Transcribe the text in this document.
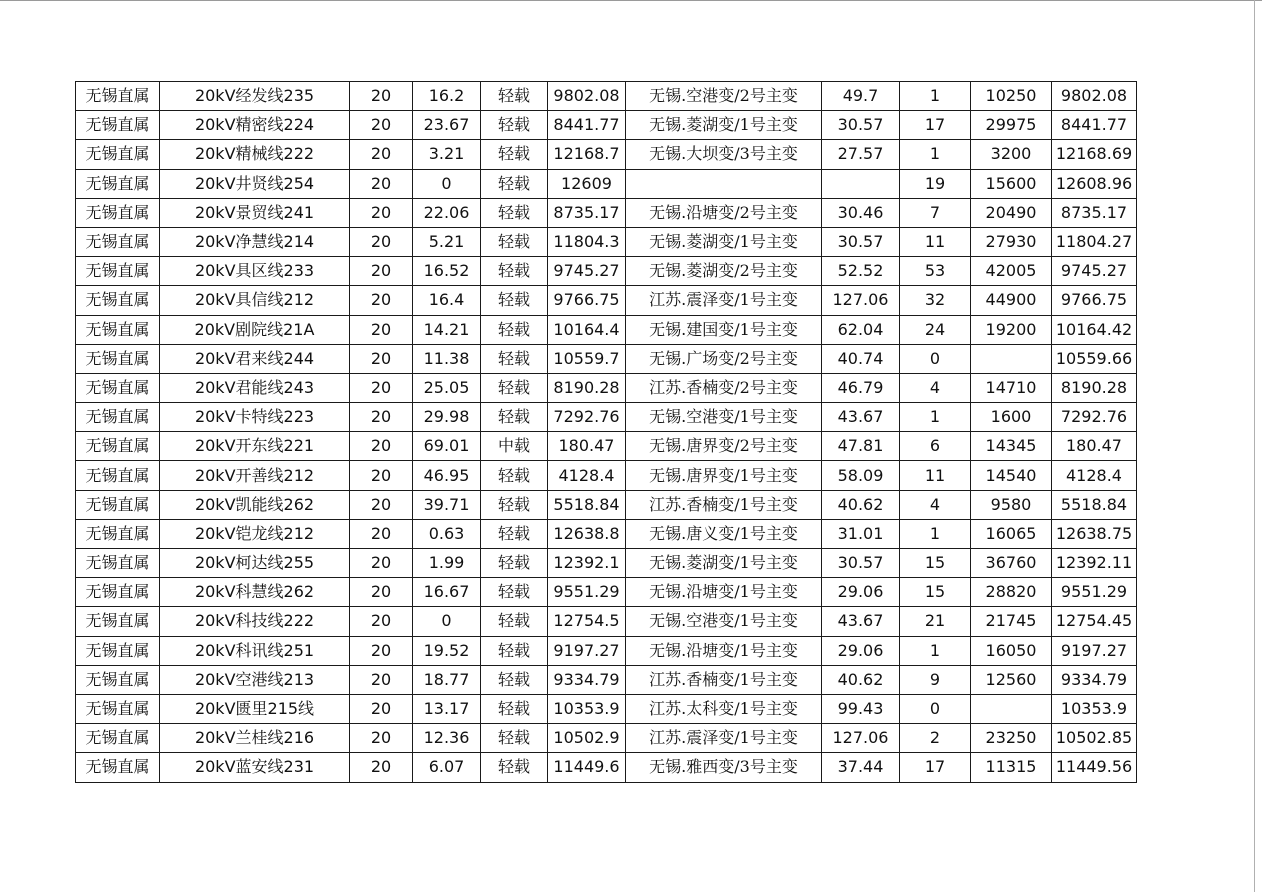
无锡直属	20kV经发线235	20	16.2	轻载	9802.08	无锡.空港变/2号主变	49.7	1	10250	9802.08
无锡直属	20kV精密线224	20	23.67	轻载	8441.77	无锡.菱湖变/1号主变	30.57	17	29975	8441.77
无锡直属	20kV精械线222	20	3.21	轻载	12168.7	无锡.大坝变/3号主变	27.57	1	3200	12168.69
无锡直属	20kV井贤线254	20	0	轻载	12609			19	15600	12608.96
无锡直属	20kV景贸线241	20	22.06	轻载	8735.17	无锡.沿塘变/2号主变	30.46	7	20490	8735.17
无锡直属	20kV净慧线214	20	5.21	轻载	11804.3	无锡.菱湖变/1号主变	30.57	11	27930	11804.27
无锡直属	20kV具区线233	20	16.52	轻载	9745.27	无锡.菱湖变/2号主变	52.52	53	42005	9745.27
无锡直属	20kV具信线212	20	16.4	轻载	9766.75	江苏.震泽变/1号主变	127.06	32	44900	9766.75
无锡直属	20kV剧院线21A	20	14.21	轻载	10164.4	无锡.建国变/1号主变	62.04	24	19200	10164.42
无锡直属	20kV君来线244	20	11.38	轻载	10559.7	无锡.广场变/2号主变	40.74	0		10559.66
无锡直属	20kV君能线243	20	25.05	轻载	8190.28	江苏.香楠变/2号主变	46.79	4	14710	8190.28
无锡直属	20kV卡特线223	20	29.98	轻载	7292.76	无锡.空港变/1号主变	43.67	1	1600	7292.76
无锡直属	20kV开东线221	20	69.01	中载	180.47	无锡.唐界变/2号主变	47.81	6	14345	180.47
无锡直属	20kV开善线212	20	46.95	轻载	4128.4	无锡.唐界变/1号主变	58.09	11	14540	4128.4
无锡直属	20kV凯能线262	20	39.71	轻载	5518.84	江苏.香楠变/1号主变	40.62	4	9580	5518.84
无锡直属	20kV铠龙线212	20	0.63	轻载	12638.8	无锡.唐义变/1号主变	31.01	1	16065	12638.75
无锡直属	20kV柯达线255	20	1.99	轻载	12392.1	无锡.菱湖变/1号主变	30.57	15	36760	12392.11
无锡直属	20kV科慧线262	20	16.67	轻载	9551.29	无锡.沿塘变/1号主变	29.06	15	28820	9551.29
无锡直属	20kV科技线222	20	0	轻载	12754.5	无锡.空港变/1号主变	43.67	21	21745	12754.45
无锡直属	20kV科讯线251	20	19.52	轻载	9197.27	无锡.沿塘变/1号主变	29.06	1	16050	9197.27
无锡直属	20kV空港线213	20	18.77	轻载	9334.79	江苏.香楠变/1号主变	40.62	9	12560	9334.79
无锡直属	20kV匮里215线	20	13.17	轻载	10353.9	江苏.太科变/1号主变	99.43	0		10353.9
无锡直属	20kV兰桂线216	20	12.36	轻载	10502.9	江苏.震泽变/1号主变	127.06	2	23250	10502.85
无锡直属	20kV蓝安线231	20	6.07	轻载	11449.6	无锡.雅西变/3号主变	37.44	17	11315	11449.56
